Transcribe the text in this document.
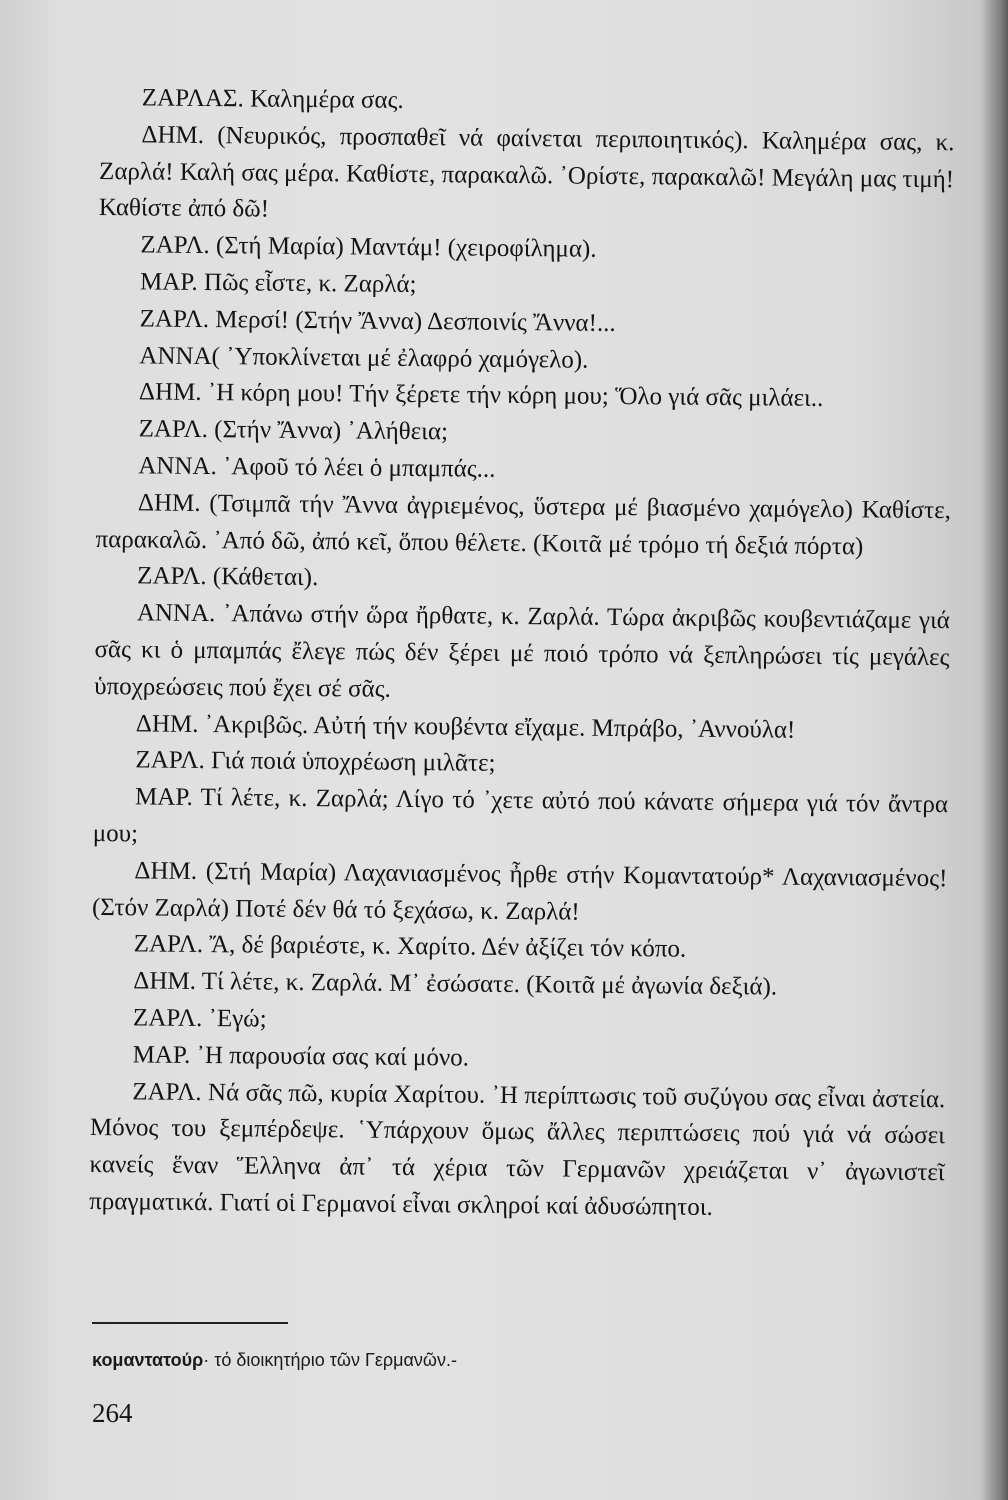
ΖΑΡΛΑΣ. Καλημέρα σας.

ΔΗΜ. (Νευρικός, προσπαθεῖ νά φαίνεται περιποιητικός). Καλημέρα σας, κ. Ζαρλά! Καλή σας μέρα. Καθίστε, παρακαλῶ. ᾿Ορίστε, παρακαλῶ! Μεγάλη μας τιμή! Καθίστε ἀπό δῶ!

ΖΑΡΛ. (Στή Μαρία) Μαντάμ! (χειροφίλημα).

ΜΑΡ. Πῶς εἶστε, κ. Ζαρλά;

ΖΑΡΛ. Μερσί! (Στήν Ἄννα) Δεσποινίς Ἄννα!...

ΑΝΝΑ( ᾿Υποκλίνεται μέ ἐλαφρό χαμόγελο).

ΔΗΜ. ᾿Η κόρη μου! Τήν ξέρετε τήν κόρη μου; Ὅλο γιά σᾶς μιλάει..

ΖΑΡΛ. (Στήν Ἄννα) ᾿Αλήθεια;

ΑΝΝΑ. ᾿Αφοῦ τό λέει ὁ μπαμπάς...

ΔΗΜ. (Τσιμπᾶ τήν Ἄννα ἀγριεμένος, ὕστερα μέ βιασμένο χαμόγελο) Καθίστε, παρακαλῶ. ᾿Από δῶ, ἀπό κεῖ, ὅπου θέλετε. (Κοιτᾶ μέ τρόμο τή δεξιά πόρτα)

ΖΑΡΛ. (Κάθεται).

ΑΝΝΑ. ᾿Απάνω στήν ὥρα ἤρθατε, κ. Ζαρλά. Τώρα ἀκριβῶς κουβεντιάζαμε γιά σᾶς κι ὁ μπαμπάς ἔλεγε πώς δέν ξέρει μέ ποιό τρόπο νά ξεπληρώσει τίς μεγάλες ὑποχρεώσεις πού ἔχει σέ σᾶς.

ΔΗΜ. ᾿Ακριβῶς. Αὐτή τήν κουβέντα εἴχαμε. Μπράβο, ᾿Αννούλα!

ΖΑΡΛ. Γιά ποιά ὑποχρέωση μιλᾶτε;

ΜΑΡ. Τί λέτε, κ. Ζαρλά; Λίγο τό ᾿χετε αὐτό πού κάνατε σήμερα γιά τόν ἄντρα μου;

ΔΗΜ. (Στή Μαρία) Λαχανιασμένος ἦρθε στήν Κομαντατούρ* Λαχανιασμένος! (Στόν Ζαρλά) Ποτέ δέν θά τό ξεχάσω, κ. Ζαρλά!

ΖΑΡΛ. Ἄ, δέ βαριέστε, κ. Χαρίτο. Δέν ἀξίζει τόν κόπο.

ΔΗΜ. Τί λέτε, κ. Ζαρλά. Μ᾿ ἐσώσατε. (Κοιτᾶ μέ ἀγωνία δεξιά).

ΖΑΡΛ. ᾿Εγώ;

ΜΑΡ. ᾿Η παρουσία σας καί μόνο.

ΖΑΡΛ. Νά σᾶς πῶ, κυρία Χαρίτου. ᾿Η περίπτωσις τοῦ συζύγου σας εἶναι ἀστεία. Μόνος του ξεμπέρδεψε. ῾Υπάρχουν ὅμως ἄλλες περιπτώσεις πού γιά νά σώσει κανείς ἕναν Ἕλληνα ἀπ᾿ τά χέρια τῶν Γερμανῶν χρειάζεται ν᾿ ἀγωνιστεῖ πραγματικά. Γιατί οἱ Γερμανοί εἶναι σκληροί καί ἀδυσώπητοι.

κομαντατούρ· τό διοικητήριο τῶν Γερμανῶν.-
264
